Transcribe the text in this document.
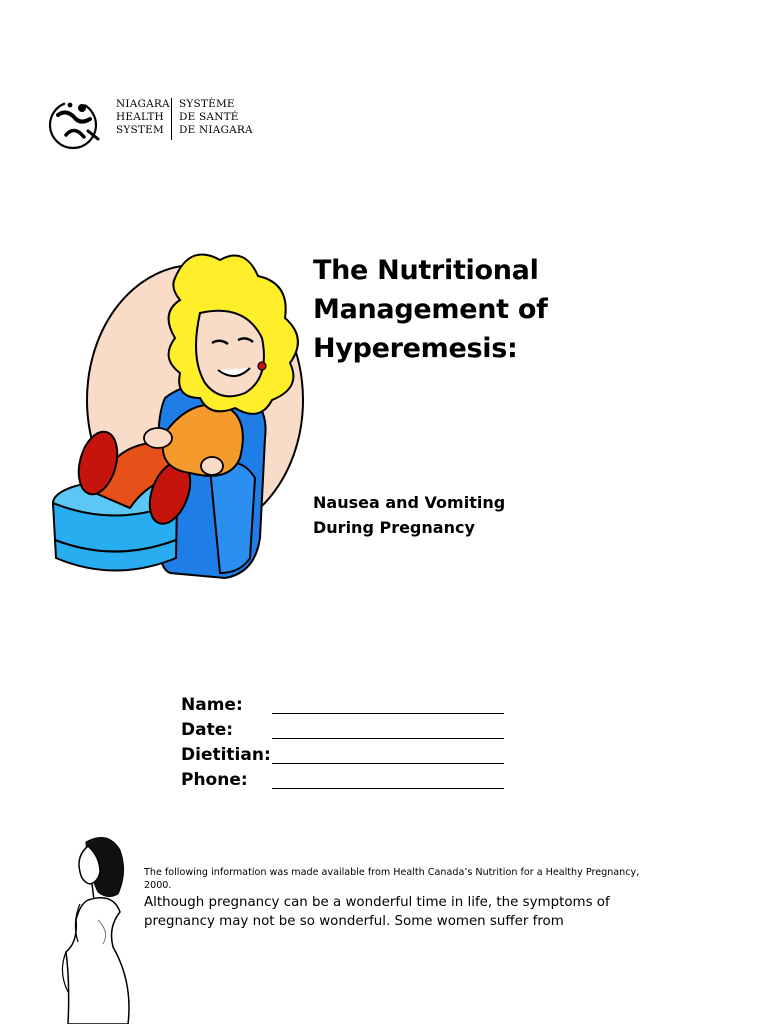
NIAGARA
HEALTH
SYSTEM
SYSTÈME
DE SANTÉ
DE NIAGARA
The Nutritional
Management of
Hyperemesis:
Nausea and Vomiting
During Pregnancy
Name:
Date:
Dietitian:
Phone:
The following information was made available from Health Canada’s Nutrition for a Healthy Pregnancy, 2000.
Although pregnancy can be a wonderful time in life, the symptoms of pregnancy may not be so wonderful. Some women suffer from
